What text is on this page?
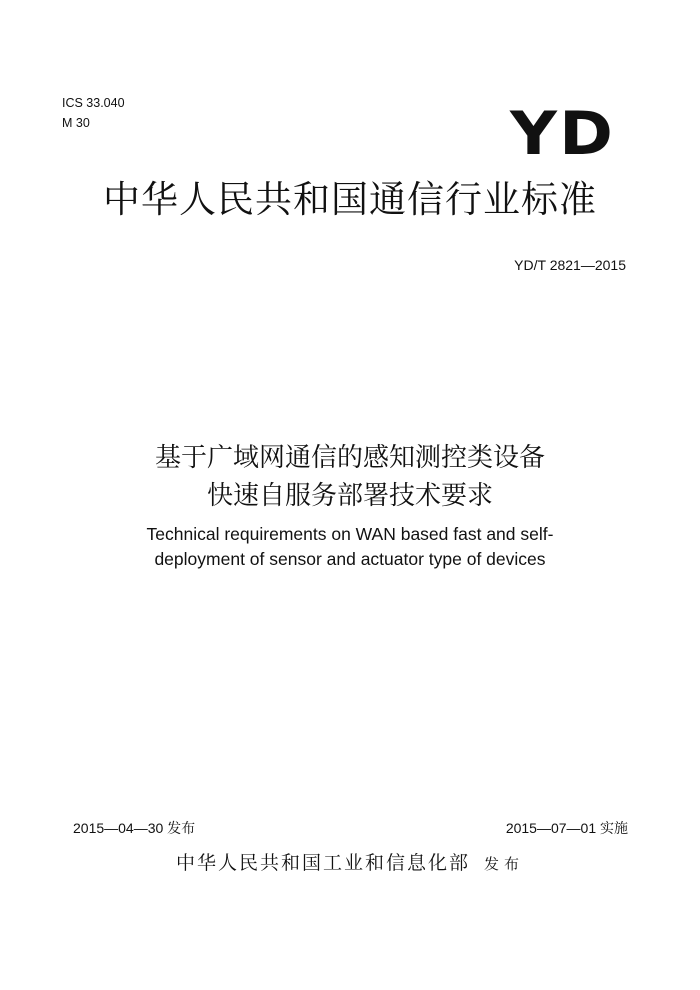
ICS 33.040
M 30	YD
中华人民共和国通信行业标准
YD/T 2821—2015
基于广域网通信的感知测控类设备
快速自服务部署技术要求
Technical requirements on WAN based fast and self-
deployment of sensor and actuator type of devices
2015—04—30 发布	2015—07—01 实施
中华人民共和国工业和信息化部 发布
